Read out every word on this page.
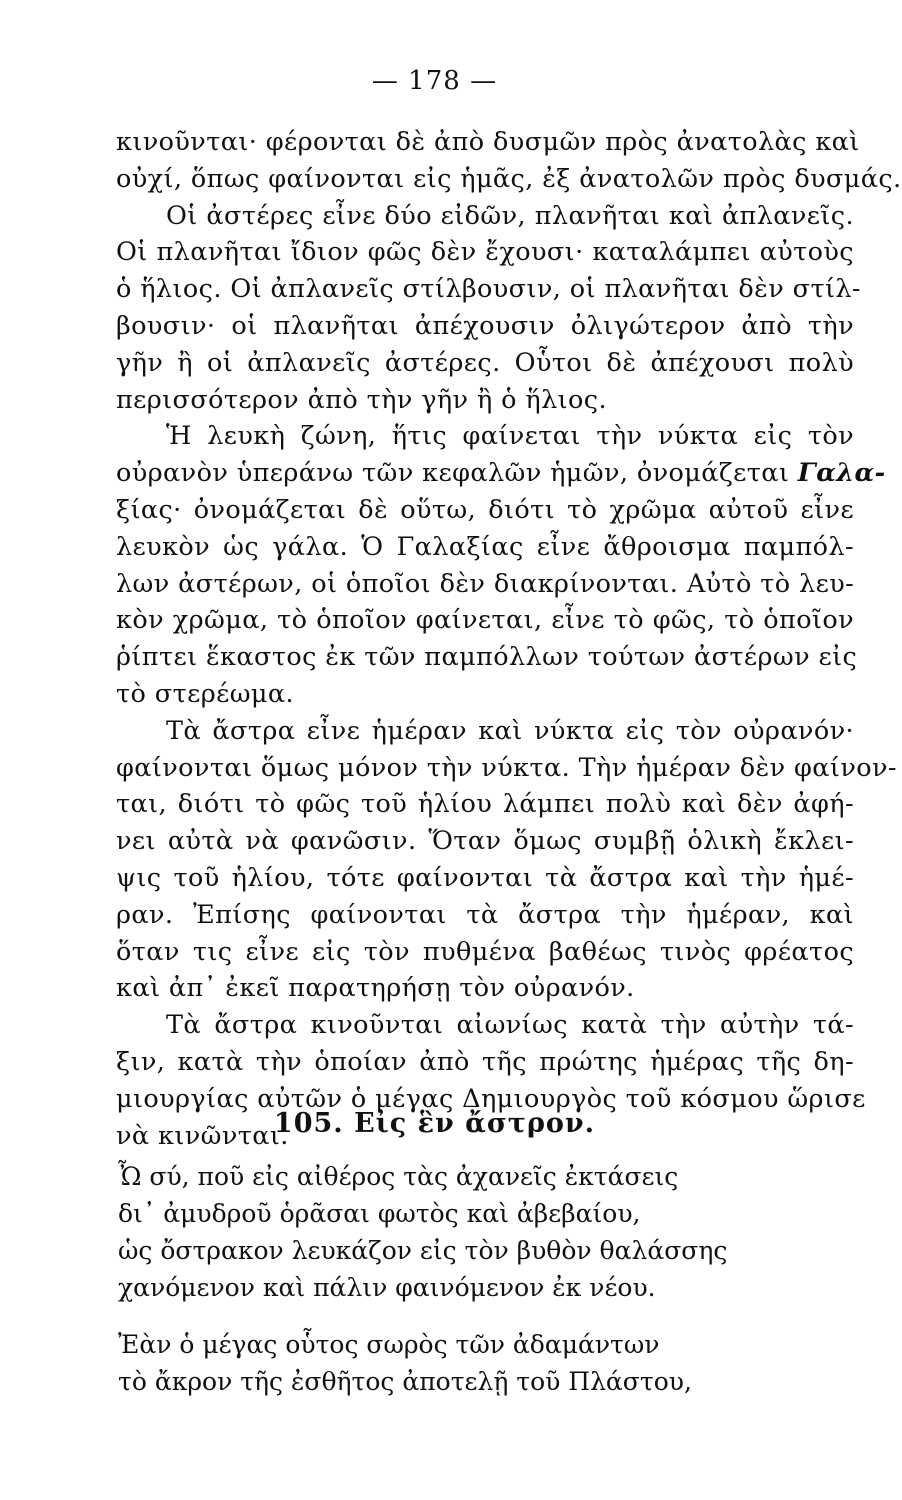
— 178 —
κινοῦνται· φέρονται δὲ ἀπὸ δυσμῶν πρὸς ἀνατολὰς καὶ
οὐχί, ὅπως φαίνονται εἰς ἡμᾶς, ἐξ ἀνατολῶν πρὸς δυσμάς.
Οἱ ἀστέρες εἶνε δύο εἰδῶν, πλανῆται καὶ ἀπλανεῖς.
Οἱ πλανῆται ἴδιον φῶς δὲν ἔχουσι· καταλάμπει αὐτοὺς
ὁ ἥλιος. Οἱ ἀπλανεῖς στίλβουσιν, οἱ πλανῆται δὲν στίλ-
βουσιν· οἱ πλανῆται ἀπέχουσιν ὀλιγώτερον ἀπὸ τὴν
γῆν ἢ οἱ ἀπλανεῖς ἀστέρες. Οὗτοι δὲ ἀπέχουσι πολὺ
περισσότερον ἀπὸ τὴν γῆν ἢ ὁ ἥλιος.
Ἡ λευκὴ ζώνη, ἥτις φαίνεται τὴν νύκτα εἰς τὸν
οὐρανὸν ὑπεράνω τῶν κεφαλῶν ἡμῶν, ὀνομάζεται Γαλα-
ξίας· ὀνομάζεται δὲ οὕτω, διότι τὸ χρῶμα αὐτοῦ εἶνε
λευκὸν ὡς γάλα. Ὁ Γαλαξίας εἶνε ἄθροισμα παμπόλ-
λων ἀστέρων, οἱ ὁποῖοι δὲν διακρίνονται. Αὐτὸ τὸ λευ-
κὸν χρῶμα, τὸ ὁποῖον φαίνεται, εἶνε τὸ φῶς, τὸ ὁποῖον
ῥίπτει ἕκαστος ἐκ τῶν παμπόλλων τούτων ἀστέρων εἰς
τὸ στερέωμα.
Τὰ ἄστρα εἶνε ἡμέραν καὶ νύκτα εἰς τὸν οὐρανόν·
φαίνονται ὅμως μόνον τὴν νύκτα. Τὴν ἡμέραν δὲν φαίνον-
ται, διότι τὸ φῶς τοῦ ἡλίου λάμπει πολὺ καὶ δὲν ἀφή-
νει αὐτὰ νὰ φανῶσιν. Ὅταν ὅμως συμβῇ ὁλικὴ ἔκλει-
ψις τοῦ ἡλίου, τότε φαίνονται τὰ ἄστρα καὶ τὴν ἡμέ-
ραν. Ἐπίσης φαίνονται τὰ ἄστρα τὴν ἡμέραν, καὶ
ὅταν τις εἶνε εἰς τὸν πυθμένα βαθέως τινὸς φρέατος
καὶ ἀπ᾽ ἐκεῖ παρατηρήσῃ τὸν οὐρανόν.
Τὰ ἄστρα κινοῦνται αἰωνίως κατὰ τὴν αὐτὴν τά-
ξιν, κατὰ τὴν ὁποίαν ἀπὸ τῆς πρώτης ἡμέρας τῆς δη-
μιουργίας αὐτῶν ὁ μέγας Δημιουργὸς τοῦ κόσμου ὥρισε
νὰ κινῶνται.
105. Εἰς ἓν ἄστρον.
Ὦ σύ, ποῦ εἰς αἰθέρος τὰς ἀχανεῖς ἐκτάσεις
δι᾽ ἀμυδροῦ ὁρᾶσαι φωτὸς καὶ ἀβεβαίου,
ὡς ὄστρακον λευκάζον εἰς τὸν βυθὸν θαλάσσης
χανόμενον καὶ πάλιν φαινόμενον ἐκ νέου.
Ἐὰν ὁ μέγας οὗτος σωρὸς τῶν ἀδαμάντων
τὸ ἄκρον τῆς ἐσθῆτος ἀποτελῇ τοῦ Πλάστου,
